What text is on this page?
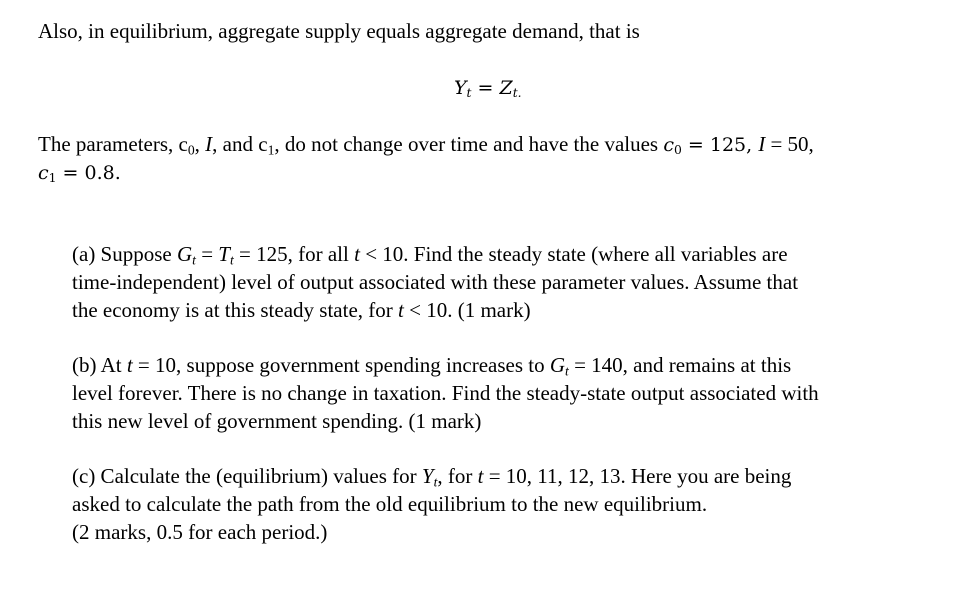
Also, in equilibrium, aggregate supply equals aggregate demand, that is
$Y_t = Z_{t.}$
The parameters, $c_0$, I, and $c_1$, do not change over time and have the values $c_0 = 125$, I = 50,
$c_1 = 0.8$.
(a) Suppose $G_t = T_t = 125$, for all t < 10. Find the steady state (where all variables are
time-independent) level of output associated with these parameter values. Assume that
the economy is at this steady state, for t < 10. (1 mark)
(b) At t = 10, suppose government spending increases to $G_t = 140$, and remains at this
level forever. There is no change in taxation. Find the steady-state output associated with
this new level of government spending. (1 mark)
(c) Calculate the (equilibrium) values for $Y_t$, for t = 10, 11, 12, 13. Here you are being
asked to calculate the path from the old equilibrium to the new equilibrium.
(2 marks, 0.5 for each period.)
